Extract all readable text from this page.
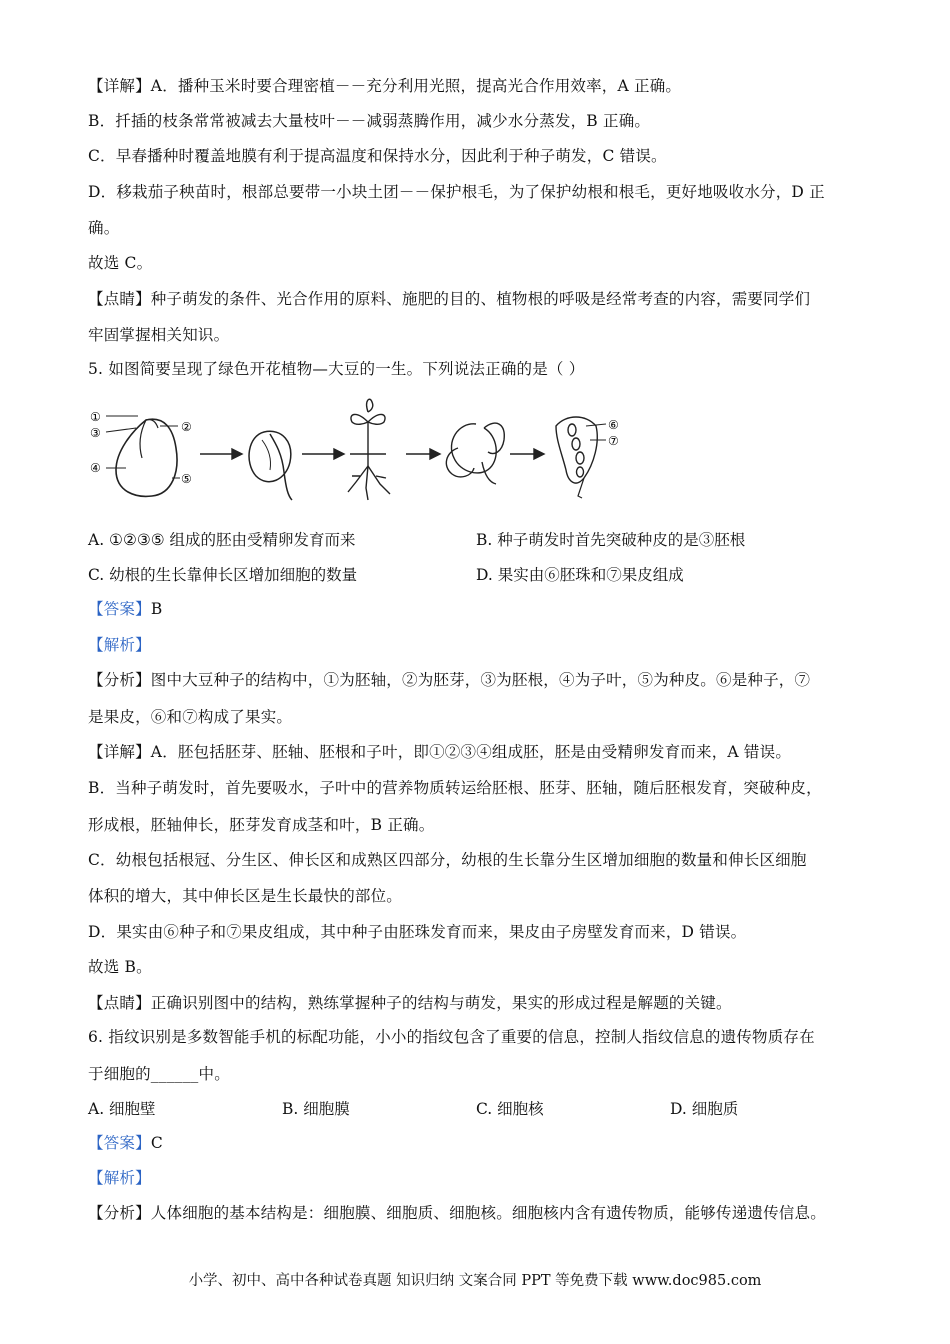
【详解】A．播种玉米时要合理密植－－充分利用光照，提高光合作用效率，A 正确。
B．扦插的枝条常常被减去大量枝叶－－减弱蒸腾作用，减少水分蒸发，B 正确。
C．早春播种时覆盖地膜有利于提高温度和保持水分，因此利于种子萌发，C 错误。
D．移栽茄子秧苗时，根部总要带一小块土团－－保护根毛，为了保护幼根和根毛，更好地吸收水分，D 正
确。
故选 C。
【点睛】种子萌发的条件、光合作用的原料、施肥的目的、植物根的呼吸是经常考查的内容，需要同学们
牢固掌握相关知识。
5. 如图简要呈现了绿色开花植物—大豆的一生。下列说法正确的是（ ）
①
③	②
④
⑤
⑥
⑦
A. ①②③⑤ 组成的胚由受精卵发育而来	B. 种子萌发时首先突破种皮的是③胚根
C. 幼根的生长靠伸长区增加细胞的数量	D. 果实由⑥胚珠和⑦果皮组成
【答案】B
【解析】
【分析】图中大豆种子的结构中，①为胚轴，②为胚芽，③为胚根，④为子叶，⑤为种皮。⑥是种子，⑦
是果皮，⑥和⑦构成了果实。
【详解】A．胚包括胚芽、胚轴、胚根和子叶，即①②③④组成胚，胚是由受精卵发育而来，A 错误。
B．当种子萌发时，首先要吸水，子叶中的营养物质转运给胚根、胚芽、胚轴，随后胚根发育，突破种皮，
形成根，胚轴伸长，胚芽发育成茎和叶，B 正确。
C．幼根包括根冠、分生区、伸长区和成熟区四部分，幼根的生长靠分生区增加细胞的数量和伸长区细胞
体积的增大，其中伸长区是生长最快的部位。
D．果实由⑥种子和⑦果皮组成，其中种子由胚珠发育而来，果皮由子房壁发育而来，D 错误。
故选 B。
【点睛】正确识别图中的结构，熟练掌握种子的结构与萌发，果实的形成过程是解题的关键。
6. 指纹识别是多数智能手机的标配功能，小小的指纹包含了重要的信息，控制人指纹信息的遗传物质存在
于细胞的______中。
A. 细胞壁	B. 细胞膜	C. 细胞核	D. 细胞质
【答案】C
【解析】
【分析】人体细胞的基本结构是：细胞膜、细胞质、细胞核。细胞核内含有遗传物质，能够传递遗传信息。
小学、初中、高中各种试卷真题 知识归纳 文案合同 PPT 等免费下载 www.doc985.com
